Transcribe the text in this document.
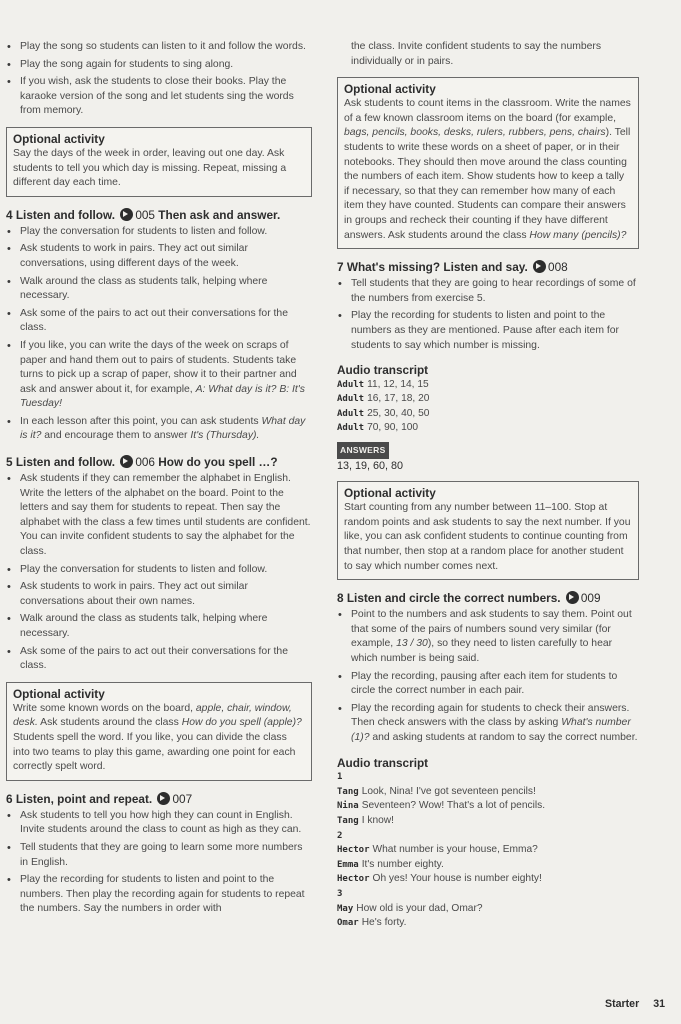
• Play the song so students can listen to it and follow the words.
• Play the song again for students to sing along.
• If you wish, ask the students to close their books. Play the karaoke version of the song and let students sing the words from memory.
Optional activity
Say the days of the week in order, leaving out one day. Ask students to tell you which day is missing. Repeat, missing a different day each time.
4 Listen and follow. 005 Then ask and answer.
• Play the conversation for students to listen and follow.
• Ask students to work in pairs. They act out similar conversations, using different days of the week.
• Walk around the class as students talk, helping where necessary.
• Ask some of the pairs to act out their conversations for the class.
• If you like, you can write the days of the week on scraps of paper and hand them out to pairs of students. Students take turns to pick up a scrap of paper, show it to their partner and ask and answer about it, for example, A: What day is it? B: It's Tuesday!
• In each lesson after this point, you can ask students What day is it? and encourage them to answer It's (Thursday).
5 Listen and follow. 006 How do you spell …?
• Ask students if they can remember the alphabet in English. Write the letters of the alphabet on the board. Point to the letters and say them for students to repeat. Then say the alphabet with the class a few times until students are confident. You can invite confident students to say the alphabet for the class.
• Play the conversation for students to listen and follow.
• Ask students to work in pairs. They act out similar conversations about their own names.
• Walk around the class as students talk, helping where necessary.
• Ask some of the pairs to act out their conversations for the class.
Optional activity
Write some known words on the board, apple, chair, window, desk. Ask students around the class How do you spell (apple)? Students spell the word. If you like, you can divide the class into two teams to play this game, awarding one point for each correctly spelt word.
6 Listen, point and repeat. 007
• Ask students to tell you how high they can count in English. Invite students around the class to count as high as they can.
• Tell students that they are going to learn some more numbers in English.
• Play the recording for students to listen and point to the numbers. Then play the recording again for students to repeat the numbers. Say the numbers in order with
the class. Invite confident students to say the numbers individually or in pairs.
Optional activity
Ask students to count items in the classroom. Write the names of a few known classroom items on the board (for example, bags, pencils, books, desks, rulers, rubbers, pens, chairs). Tell students to write these words on a sheet of paper, or in their notebooks. They should then move around the class counting the numbers of each item. Show students how to keep a tally if necessary, so that they can remember how many of each item they have counted. Students can compare their answers in groups and recheck their counting if they have different answers. Ask students around the class How many (pencils)?
7 What's missing? Listen and say. 008
• Tell students that they are going to hear recordings of some of the numbers from exercise 5.
• Play the recording for students to listen and point to the numbers as they are mentioned. Pause after each item for students to say which number is missing.
Audio transcript
Adult 11, 12, 14, 15
Adult 16, 17, 18, 20
Adult 25, 30, 40, 50
Adult 70, 90, 100
ANSWERS
13, 19, 60, 80
Optional activity
Start counting from any number between 11–100. Stop at random points and ask students to say the next number. If you like, you can ask confident students to continue counting from that number, then stop at a random place for another student to say which number comes next.
8 Listen and circle the correct numbers. 009
• Point to the numbers and ask students to say them. Point out that some of the pairs of numbers sound very similar (for example, 13 / 30), so they need to listen carefully to hear which number is being said.
• Play the recording, pausing after each item for students to circle the correct number in each pair.
• Play the recording again for students to check their answers. Then check answers with the class by asking What's number (1)? and asking students at random to say the correct number.
Audio transcript
1
Tang Look, Nina! I've got seventeen pencils!
Nina Seventeen? Wow! That's a lot of pencils.
Tang I know!
2
Hector What number is your house, Emma?
Emma It's number eighty.
Hector Oh yes! Your house is number eighty!
3
May How old is your dad, Omar?
Omar He's forty.
Starter 31
